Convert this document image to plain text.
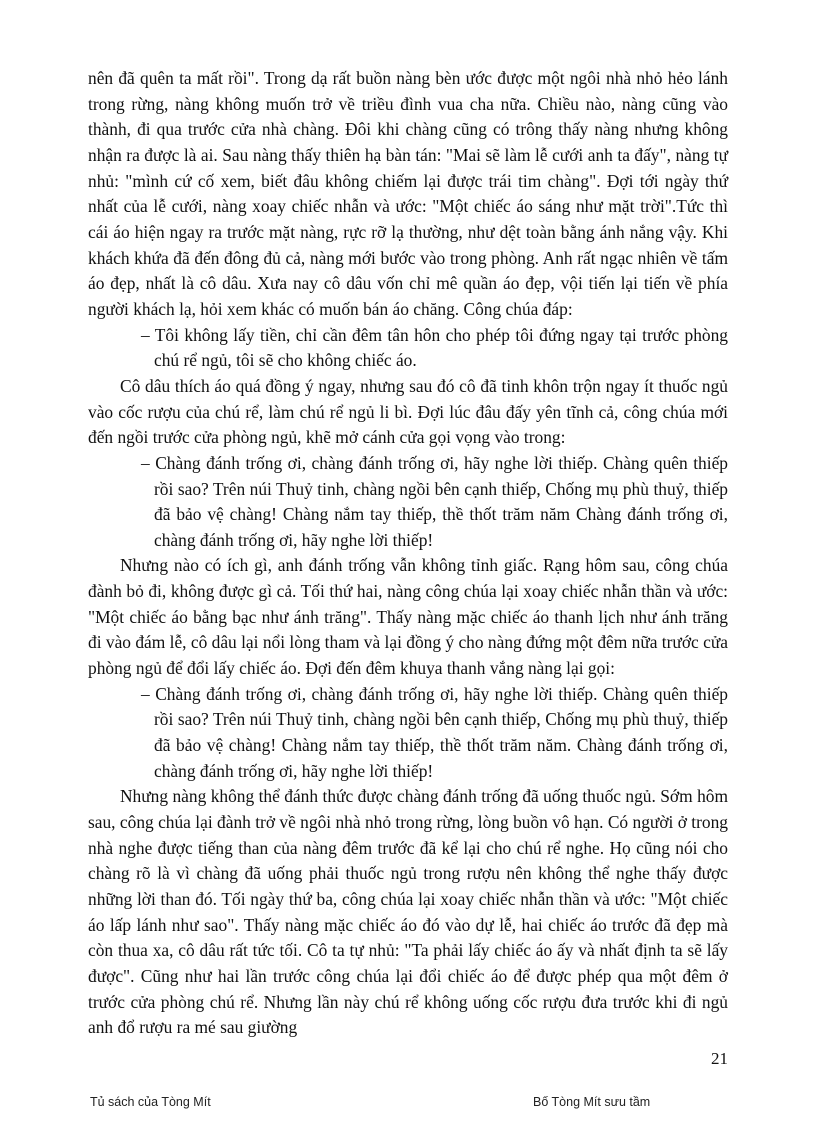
nên đã quên ta mất rồi". Trong dạ rất buồn nàng bèn ước được một ngôi nhà nhỏ hẻo lánh trong rừng, nàng không muốn trở về triều đình vua cha nữa. Chiều nào, nàng cũng vào thành, đi qua trước cửa nhà chàng. Đôi khi chàng cũng có trông thấy nàng nhưng không nhận ra được là ai. Sau nàng thấy thiên hạ bàn tán: "Mai sẽ làm lễ cưới anh ta đấy", nàng tự nhủ: "mình cứ cố xem, biết đâu không chiếm lại được trái tim chàng". Đợi tới ngày thứ nhất của lễ cưới, nàng xoay chiếc nhẫn và ước: "Một chiếc áo sáng như mặt trời".Tức thì cái áo hiện ngay ra trước mặt nàng, rực rỡ lạ thường, như dệt toàn bằng ánh nắng vậy. Khi khách khứa đã đến đông đủ cả, nàng mới bước vào trong phòng. Anh rất ngạc nhiên về tấm áo đẹp, nhất là cô dâu. Xưa nay cô dâu vốn chỉ mê quần áo đẹp, vội tiến lại tiến về phía người khách lạ, hỏi xem khác có muốn bán áo chăng. Công chúa đáp:

– Tôi không lấy tiền, chỉ cần đêm tân hôn cho phép tôi đứng ngay tại trước phòng chú rể ngủ, tôi sẽ cho không chiếc áo.

Cô dâu thích áo quá đồng ý ngay, nhưng sau đó cô đã tinh khôn trộn ngay ít thuốc ngủ vào cốc rượu của chú rể, làm chú rể ngủ li bì. Đợi lúc đâu đấy yên tĩnh cả, công chúa mới đến ngồi trước cửa phòng ngủ, khẽ mở cánh cửa gọi vọng vào trong:

– Chàng đánh trống ơi, chàng đánh trống ơi, hãy nghe lời thiếp. Chàng quên thiếp rồi sao? Trên núi Thuỷ tinh, chàng ngồi bên cạnh thiếp, Chống mụ phù thuỷ, thiếp đã bảo vệ chàng! Chàng nắm tay thiếp, thề thốt trăm năm Chàng đánh trống ơi, chàng đánh trống ơi, hãy nghe lời thiếp!

Nhưng nào có ích gì, anh đánh trống vẫn không tỉnh giấc. Rạng hôm sau, công chúa đành bỏ đi, không được gì cả. Tối thứ hai, nàng công chúa lại xoay chiếc nhẫn thần và ước: "Một chiếc áo bằng bạc như ánh trăng". Thấy nàng mặc chiếc áo thanh lịch như ánh trăng đi vào đám lễ, cô dâu lại nổi lòng tham và lại đồng ý cho nàng đứng một đêm nữa trước cửa phòng ngủ để đổi lấy chiếc áo. Đợi đến đêm khuya thanh vắng nàng lại gọi:

– Chàng đánh trống ơi, chàng đánh trống ơi, hãy nghe lời thiếp. Chàng quên thiếp rồi sao? Trên núi Thuỷ tinh, chàng ngồi bên cạnh thiếp, Chống mụ phù thuỷ, thiếp đã bảo vệ chàng! Chàng nắm tay thiếp, thề thốt trăm năm. Chàng đánh trống ơi, chàng đánh trống ơi, hãy nghe lời thiếp!

Nhưng nàng không thể đánh thức được chàng đánh trống đã uống thuốc ngủ. Sớm hôm sau, công chúa lại đành trở về ngôi nhà nhỏ trong rừng, lòng buồn vô hạn. Có người ở trong nhà nghe được tiếng than của nàng đêm trước đã kể lại cho chú rể nghe. Họ cũng nói cho chàng rõ là vì chàng đã uống phải thuốc ngủ trong rượu nên không thể nghe thấy được những lời than đó. Tối ngày thứ ba, công chúa lại xoay chiếc nhẫn thần và ước: "Một chiếc áo lấp lánh như sao". Thấy nàng mặc chiếc áo đó vào dự lễ, hai chiếc áo trước đã đẹp mà còn thua xa, cô dâu rất tức tối. Cô ta tự nhủ: "Ta phải lấy chiếc áo ấy và nhất định ta sẽ lấy được". Cũng như hai lần trước công chúa lại đổi chiếc áo để được phép qua một đêm ở trước cửa phòng chú rể. Nhưng lần này chú rể không uống cốc rượu đưa trước khi đi ngủ anh đổ rượu ra mé sau giường

21
Tủ sách của Tòng Mít	Bố Tòng Mít sưu tầm
